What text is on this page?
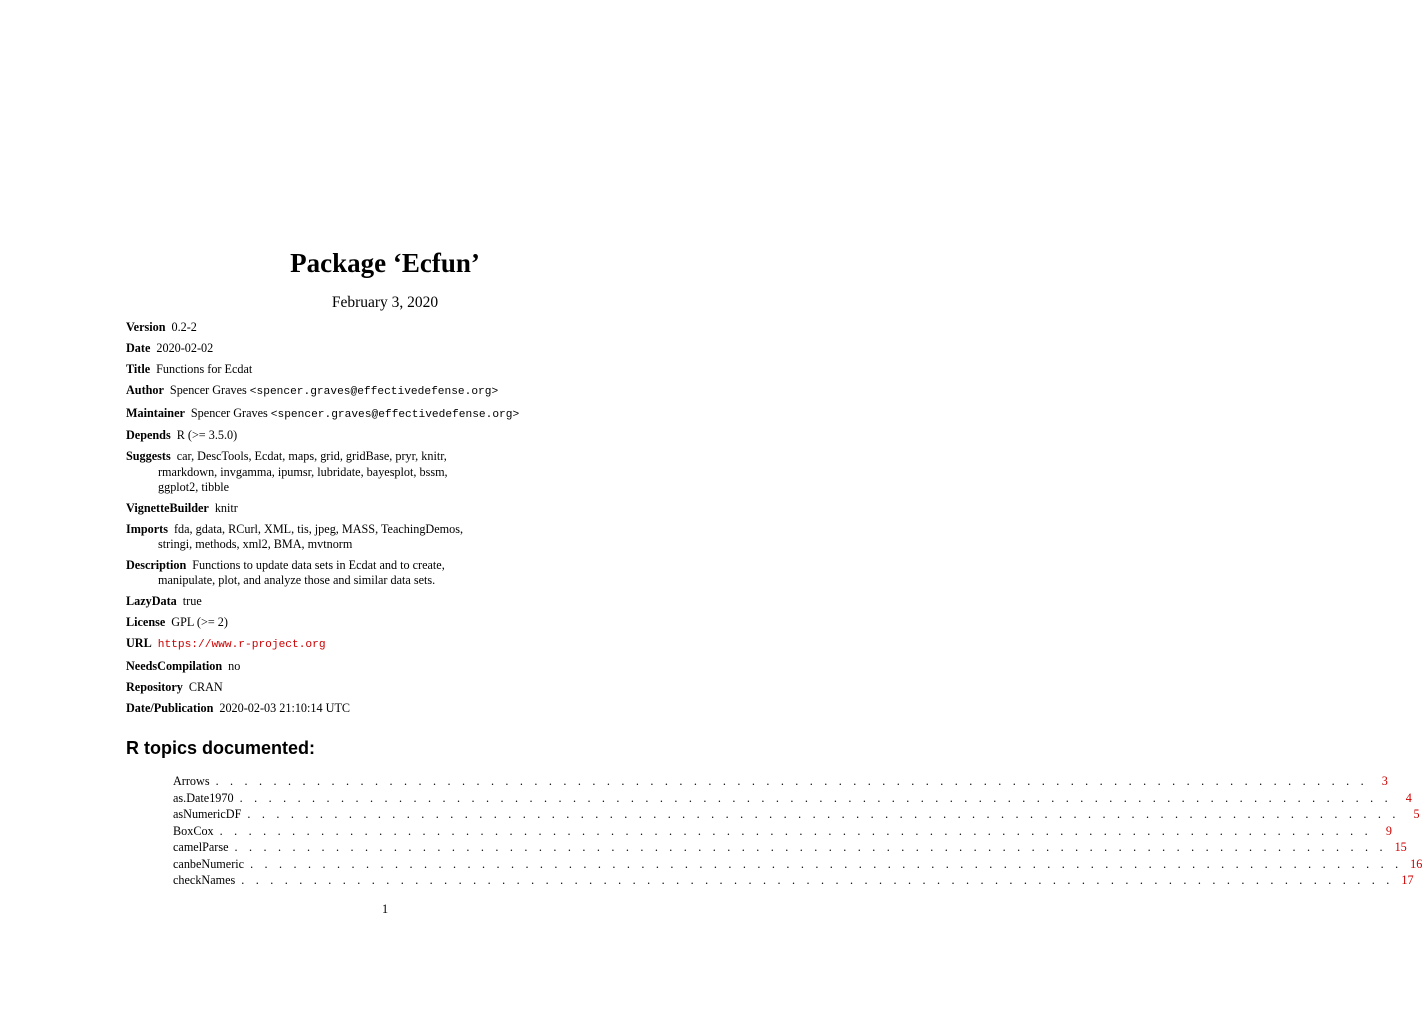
Package ‘Ecfun’
February 3, 2020
Version 0.2-2
Date 2020-02-02
Title Functions for Ecdat
Author Spencer Graves <spencer.graves@effectivedefense.org>
Maintainer Spencer Graves <spencer.graves@effectivedefense.org>
Depends R (>= 3.5.0)
Suggests car, DescTools, Ecdat, maps, grid, gridBase, pryr, knitr,
rmarkdown, invgamma, ipumsr, lubridate, bayesplot, bssm,
ggplot2, tibble
VignetteBuilder knitr
Imports fda, gdata, RCurl, XML, tis, jpeg, MASS, TeachingDemos,
stringi, methods, xml2, BMA, mvtnorm
Description Functions to update data sets in Ecdat and to create,
manipulate, plot, and analyze those and similar data sets.
LazyData true
License GPL (>= 2)
URL https://www.r-project.org
NeedsCompilation no
Repository CRAN
Date/Publication 2020-02-03 21:10:14 UTC
R topics documented:
Arrows . . . . . . . . . . . . . . . . . . . . . . . . . . . . . . . . . . . . . . . . . . . . . . . . . . . . . . . . . . . . . . . . . . . . . . . . . . . . . . . .	3
as.Date1970 . . . . . . . . . . . . . . . . . . . . . . . . . . . . . . . . . . . . . . . . . . . . . . . . . . . . . . . . . . . . . . . . . . . . . . . . . . . . . . . .	4
asNumericDF . . . . . . . . . . . . . . . . . . . . . . . . . . . . . . . . . . . . . . . . . . . . . . . . . . . . . . . . . . . . . . . . . . . . . . . . . . . . . . . .	5
BoxCox . . . . . . . . . . . . . . . . . . . . . . . . . . . . . . . . . . . . . . . . . . . . . . . . . . . . . . . . . . . . . . . . . . . . . . . . . . . . . . . .	9
camelParse . . . . . . . . . . . . . . . . . . . . . . . . . . . . . . . . . . . . . . . . . . . . . . . . . . . . . . . . . . . . . . . . . . . . . . . . . . . . . . . . 15
canbeNumeric . . . . . . . . . . . . . . . . . . . . . . . . . . . . . . . . . . . . . . . . . . . . . . . . . . . . . . . . . . . . . . . . . . . . . . . . . . . . . . . . 16
checkNames . . . . . . . . . . . . . . . . . . . . . . . . . . . . . . . . . . . . . . . . . . . . . . . . . . . . . . . . . . . . . . . . . . . . . . . . . . . . . . . . 17
1
